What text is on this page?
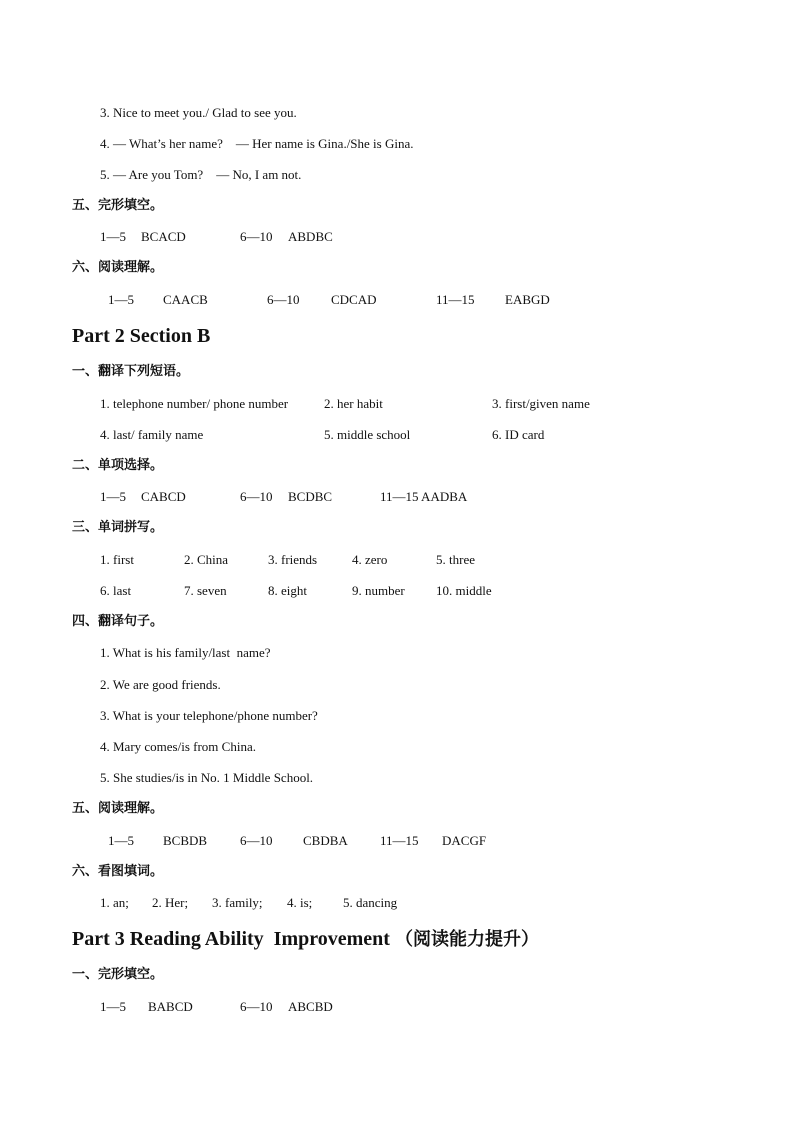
3. Nice to meet you./ Glad to see you.
4. — What’s her name?    — Her name is Gina./She is Gina.
5. — Are you Tom?    — No, I am not.
五、完形填空。
1—5 BCACD	6—10 ABDBC
六、阅读理解。
1—5 CAACB	6—10 CDCAD	11—15 EABGD
Part 2 Section B
一、翻译下列短语。
1. telephone number/ phone number	2. her habit	3. first/given name
4. last/ family name	5. middle school	6. ID card
二、单项选择。
1—5 CABCD	6—10 BCDBC	11—15 AADBA
三、单词拼写。
1. first	2. China	3. friends	4. zero	5. three
6. last	7. seven	8. eight	9. number 10. middle
四、翻译句子。
1. What is his family/last  name?
2. We are good friends.
3. What is your telephone/phone number?
4. Mary comes/is from China.
5. She studies/is in No. 1 Middle School.
五、阅读理解。
1—5 BCBDB	6—10 CBDBA 11—15 DACGF
六、看图填词。
1. an; 2. Her; 3. family; 4. is; 5. dancing
Part 3 Reading Ability  Improvement （阅读能力提升）
一、完形填空。
1—5 BABCD	6—10 ABCBD
